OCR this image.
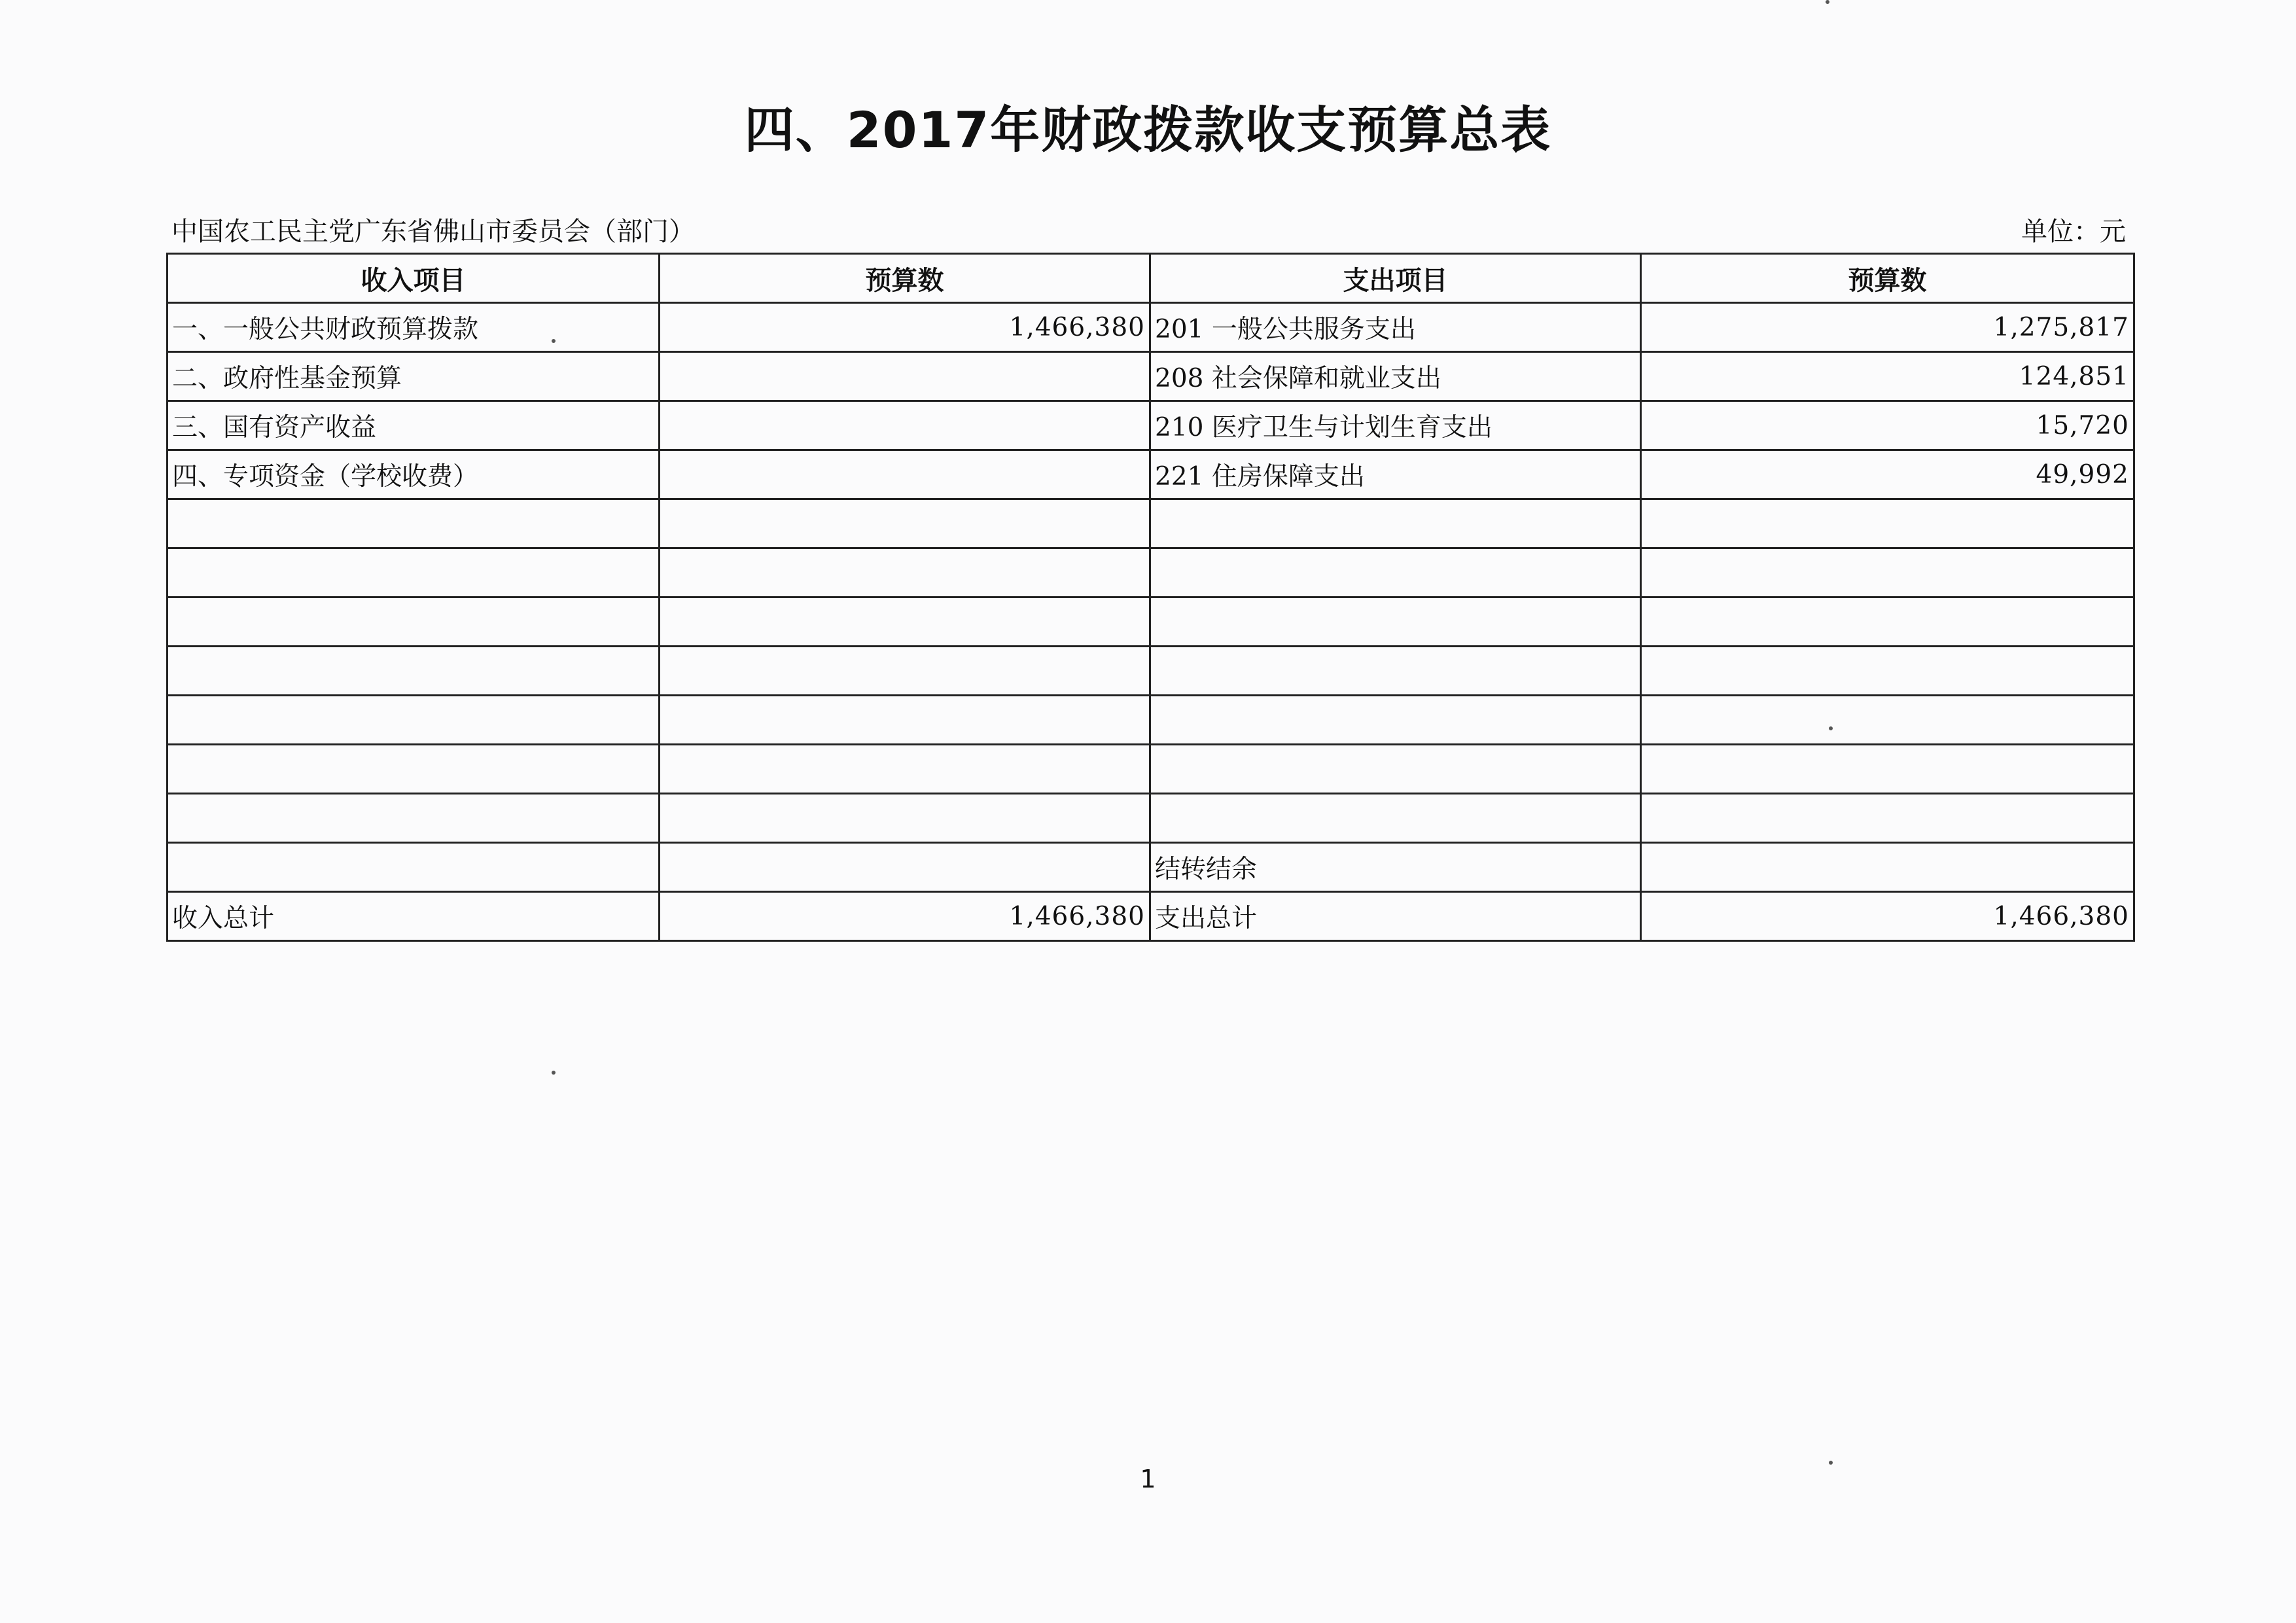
四、2017年财政拨款收支预算总表
中国农工民主党广东省佛山市委员会（部门）	单位：元
收入项目	预算数	支出项目	预算数
一、一般公共财政预算拨款	1,466,380	201 一般公共服务支出	1,275,817
二、政府性基金预算		208 社会保障和就业支出	124,851
三、国有资产收益		210 医疗卫生与计划生育支出	15,720
四、专项资金（学校收费）		221 住房保障支出	49,992

		结转结余	
收入总计	1,466,380	支出总计	1,466,380
1
